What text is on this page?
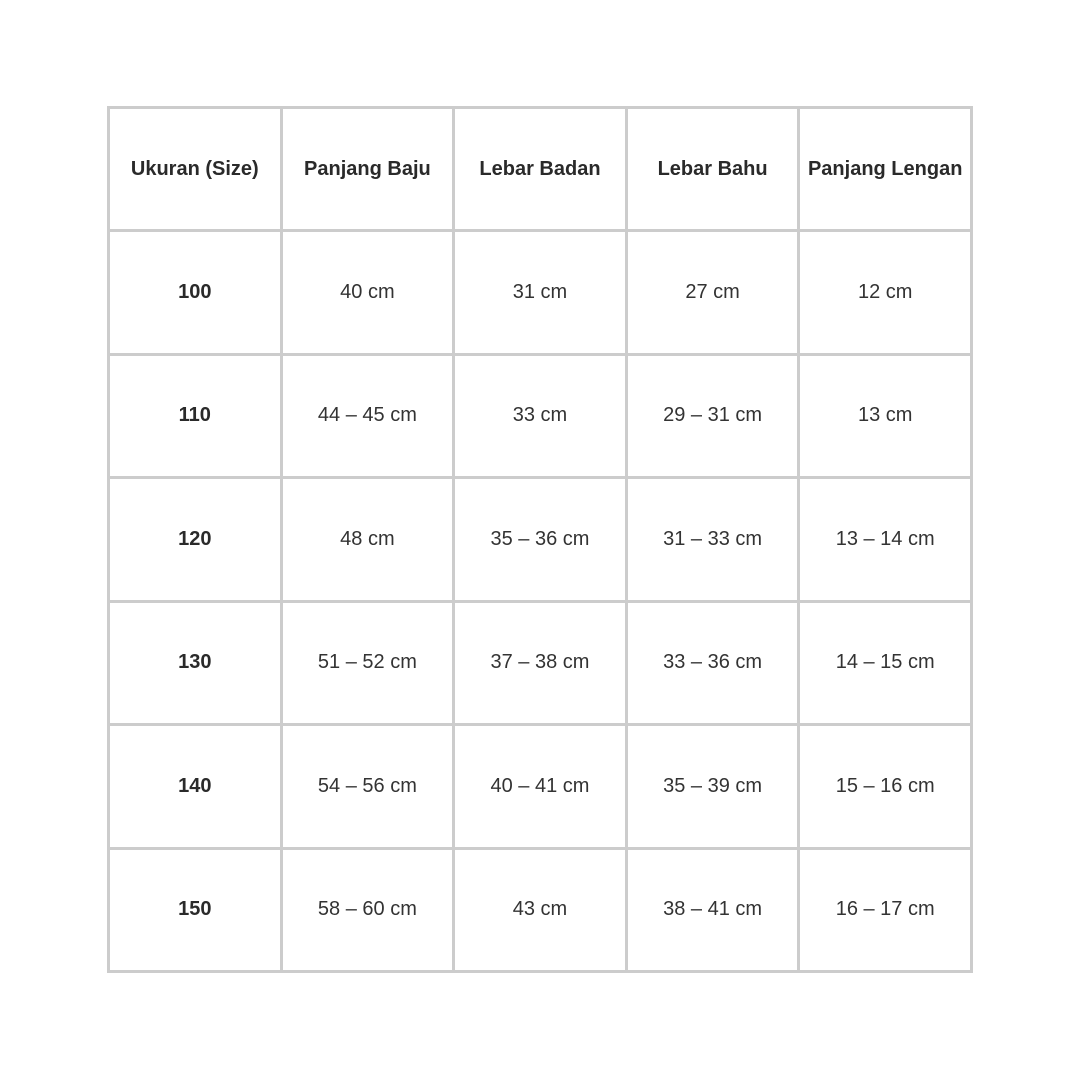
Ukuran (Size)	Panjang Baju	Lebar Badan	Lebar Bahu	Panjang Lengan
100	40 cm	31 cm	27 cm	12 cm
110	44 – 45 cm	33 cm	29 – 31 cm	13 cm
120	48 cm	35 – 36 cm	31 – 33 cm	13 – 14 cm
130	51 – 52 cm	37 – 38 cm	33 – 36 cm	14 – 15 cm
140	54 – 56 cm	40 – 41 cm	35 – 39 cm	15 – 16 cm
150	58 – 60 cm	43 cm	38 – 41 cm	16 – 17 cm
